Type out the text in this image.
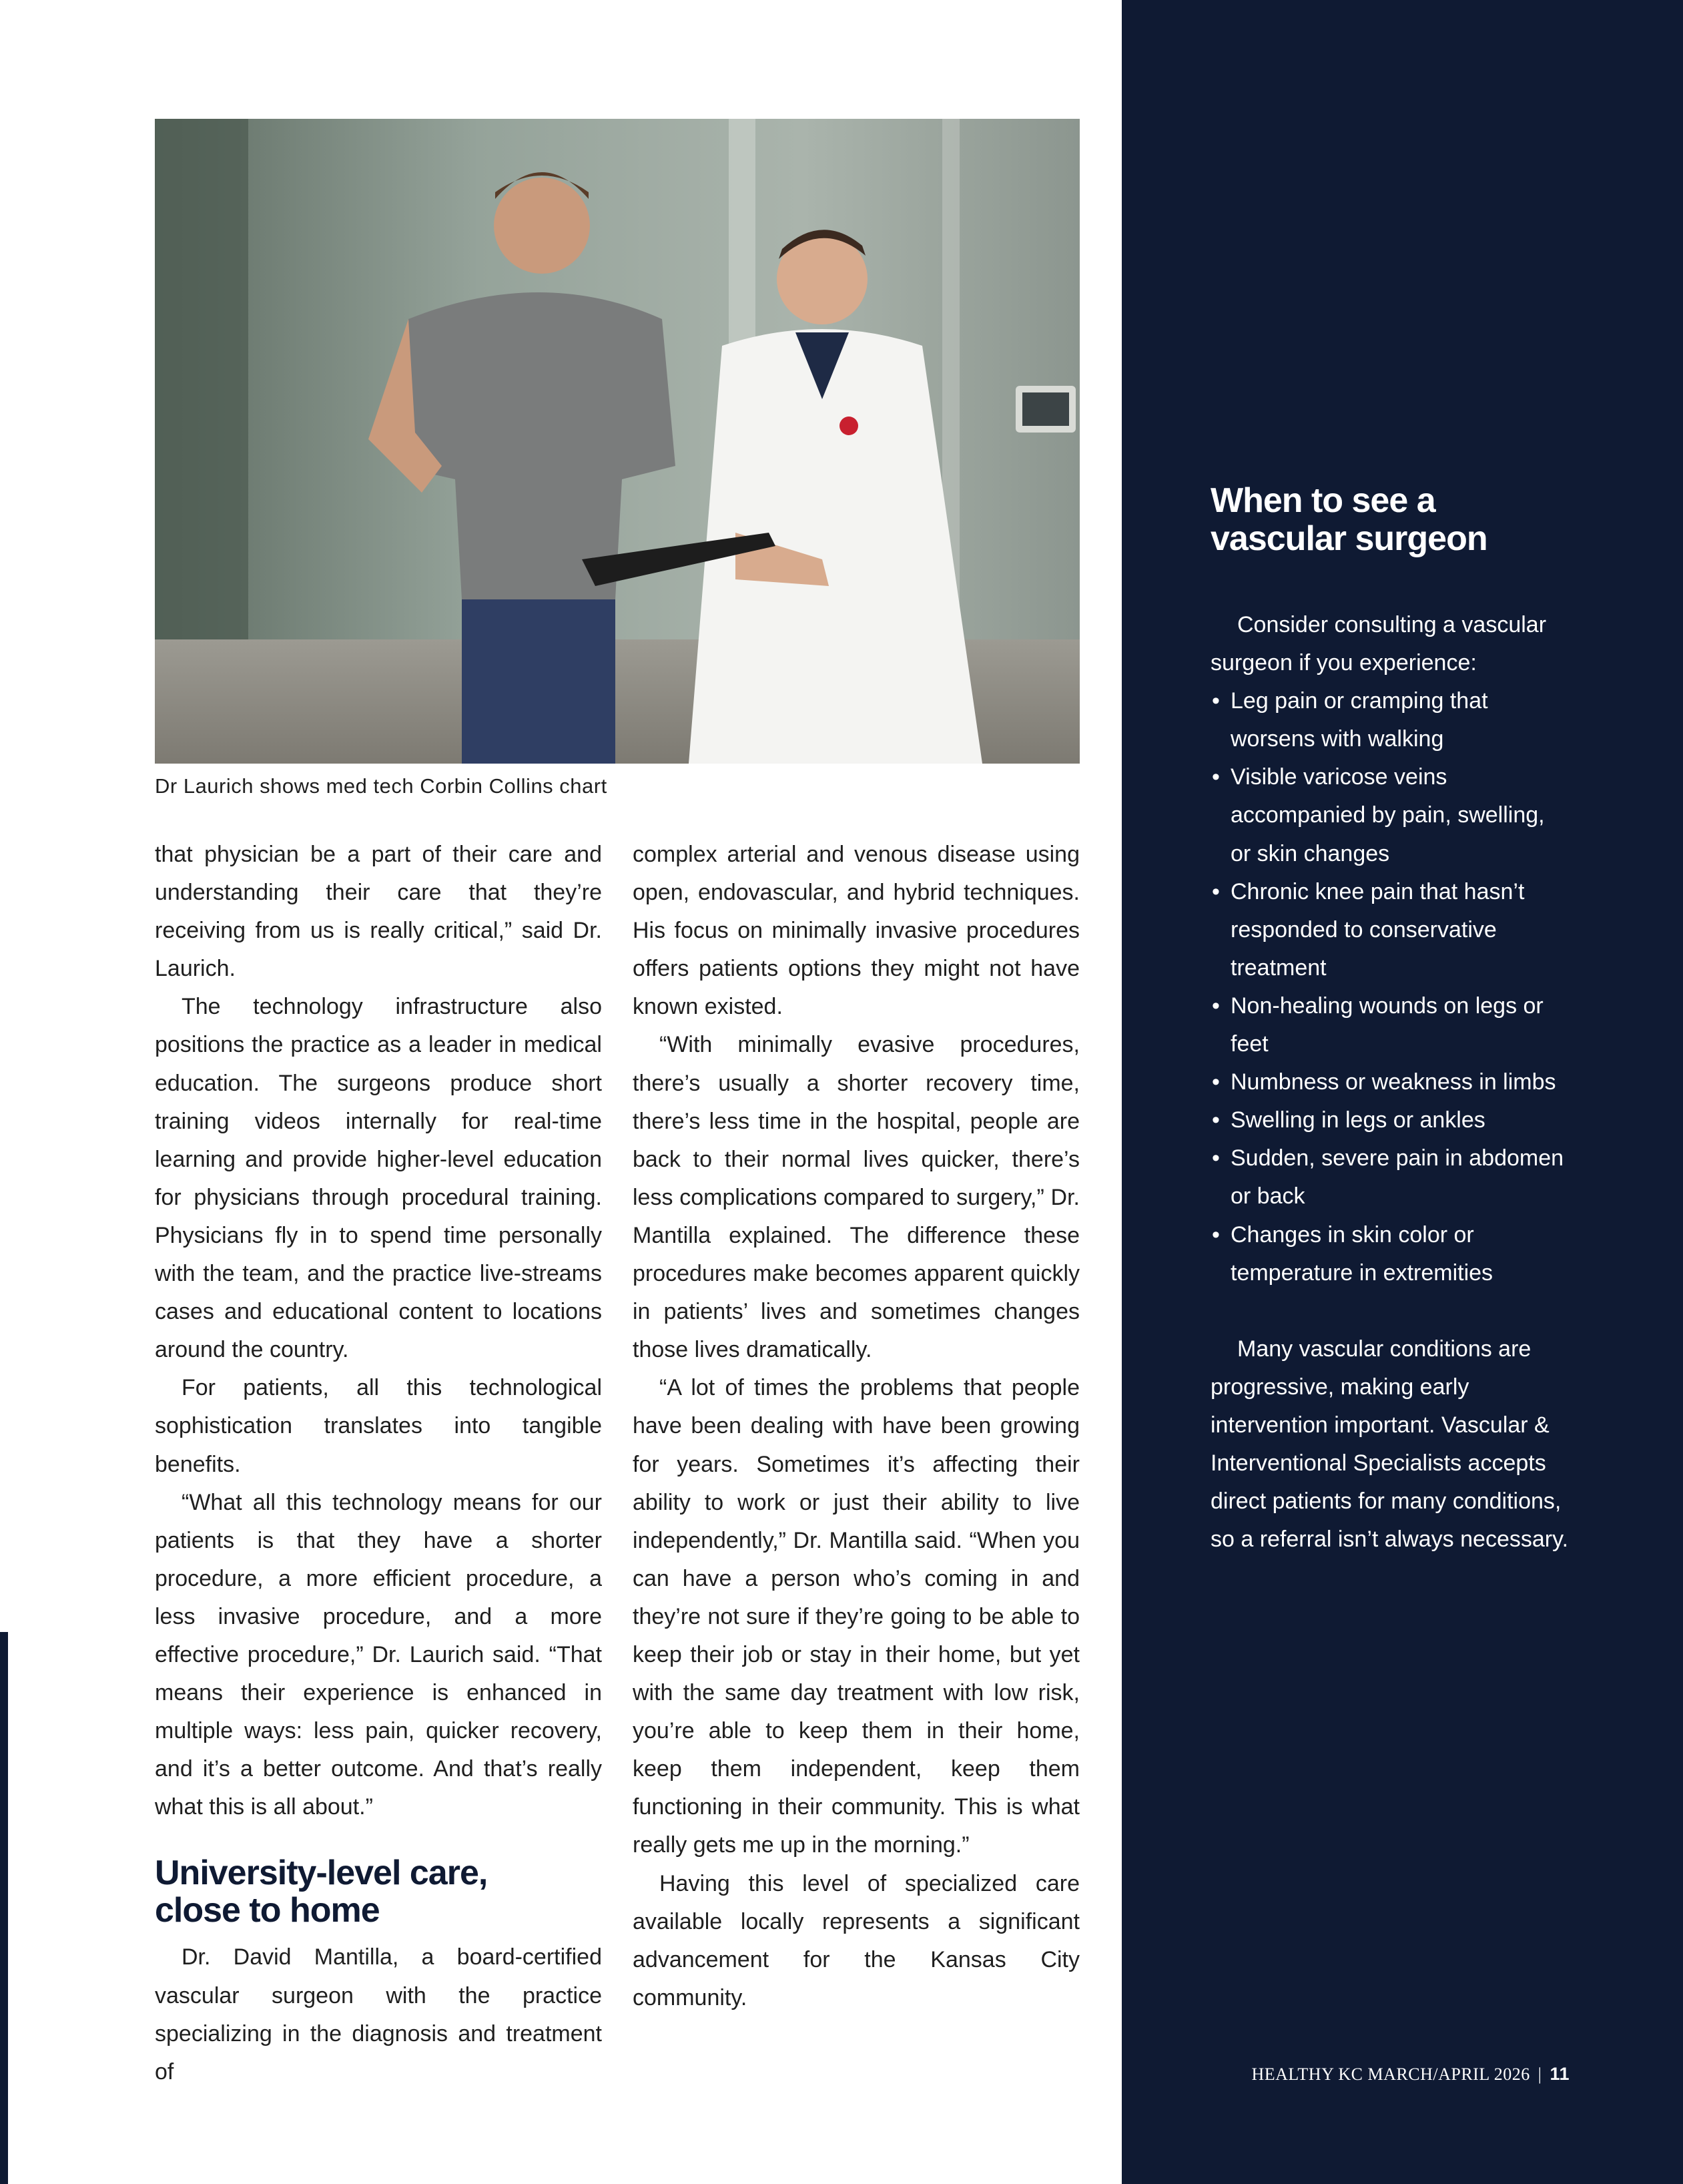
Dr Laurich shows med tech Corbin Collins chart

that physician be a part of their care and understanding their care that they’re receiving from us is really critical,” said Dr. Laurich.

The technology infrastructure also positions the practice as a leader in medical education. The surgeons produce short training videos internally for real-time learning and provide higher-level education for physicians through procedural training. Physicians fly in to spend time personally with the team, and the practice live-streams cases and educational content to locations around the country.

For patients, all this technological sophistication translates into tangible benefits.

“What all this technology means for our patients is that they have a shorter procedure, a more efficient procedure, a less invasive procedure, and a more effective procedure,” Dr. Laurich said. “That means their experience is enhanced in multiple ways: less pain, quicker recovery, and it’s a better outcome. And that’s really what this is all about.”

University-level care,
close to home

Dr. David Mantilla, a board-certified vascular surgeon with the practice specializing in the diagnosis and treatment of

complex arterial and venous disease using open, endovascular, and hybrid techniques. His focus on minimally invasive procedures offers patients options they might not have known existed.

“With minimally evasive procedures, there’s usually a shorter recovery time, there’s less time in the hospital, people are back to their normal lives quicker, there’s less complications compared to surgery,” Dr. Mantilla explained. The difference these procedures make becomes apparent quickly in patients’ lives and sometimes changes those lives dramatically.

“A lot of times the problems that people have been dealing with have been growing for years. Sometimes it’s affecting their ability to work or just their ability to live independently,” Dr. Mantilla said. “When you can have a person who’s coming in and they’re not sure if they’re going to be able to keep their job or stay in their home, but yet with the same day treatment with low risk, you’re able to keep them in their home, keep them independent, keep them functioning in their community. This is what really gets me up in the morning.”

Having this level of specialized care available locally represents a significant advancement for the Kansas City community.

When to see a
vascular surgeon

Consider consulting a vascular surgeon if you experience:

• Leg pain or cramping that worsens with walking
• Visible varicose veins accompanied by pain, swelling, or skin changes
• Chronic knee pain that hasn’t responded to conservative treatment
• Non-healing wounds on legs or feet
• Numbness or weakness in limbs
• Swelling in legs or ankles
• Sudden, severe pain in abdomen or back
• Changes in skin color or temperature in extremities

Many vascular conditions are progressive, making early intervention important. Vascular & Interventional Specialists accepts direct patients for many conditions, so a referral isn’t always necessary.

HEALTHY KC MARCH/APRIL 2026 | 11
